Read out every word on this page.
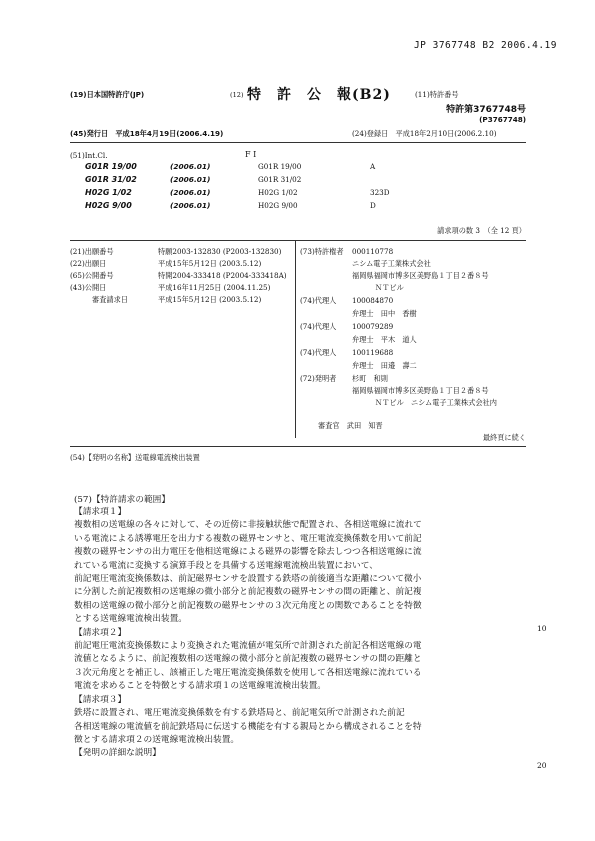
JP 3767748 B2 2006.4.19
(19)日本国特許庁(JP)	(12) 特　許　公　報(B2)	(11)特許番号
特許第3767748号
(P3767748)
(45)発行日　平成18年4月19日(2006.4.19)	(24)登録日　平成18年2月10日(2006.2.10)
(51)Int.Cl.	F I
G01R 19/00	(2006.01)	G01R 19/00	A
G01R 31/02	(2006.01)	G01R 31/02
H02G 1/02	(2006.01)	H02G 1/02	323D
H02G 9/00	(2006.01)	H02G 9/00	D
請求項の数 3　（全 12 頁）
(21)出願番号	特願2003-132830 (P2003-132830)
(22)出願日	平成15年5月12日 (2003.5.12)
(65)公開番号	特開2004-333418 (P2004-333418A)
(43)公開日	平成16年11月25日 (2004.11.25)
審査請求日	平成15年5月12日 (2003.5.12)
(73)特許権者 000110778
ニシム電子工業株式会社
福岡県福岡市博多区美野島１丁目２番８号
ＮＴビル
(74)代理人 100084870
弁理士　田中　香樹
(74)代理人 100079289
弁理士　平木　道人
(74)代理人 100119688
弁理士　田邉　壽二
(72)発明者 杉町　和則
福岡県福岡市博多区美野島１丁目２番８号
ＮＴビル　ニシム電子工業株式会社内
審査官　武田　知晋
最終頁に続く
(54)【発明の名称】送電線電流検出装置
(57)【特許請求の範囲】
【請求項１】
複数相の送電線の各々に対して、その近傍に非接触状態で配置され、各相送電線に流れて
いる電流による誘導電圧を出力する複数の磁界センサと、電圧電流変換係数を用いて前記
複数の磁界センサの出力電圧を他相送電線による磁界の影響を除去しつつ各相送電線に流
れている電流に変換する演算手段とを具備する送電線電流検出装置において、
前記電圧電流変換係数は、前記磁界センサを設置する鉄塔の前後適当な距離について微小
に分割した前記複数相の送電線の微小部分と前記複数の磁界センサの間の距離と、前記複
数相の送電線の微小部分と前記複数の磁界センサの３次元角度との関数であることを特徴
とする送電線電流検出装置。
【請求項２】
前記電圧電流変換係数により変換された電流値が電気所で計測された前記各相送電線の電
流値となるように、前記複数相の送電線の微小部分と前記複数の磁界センサの間の距離と
３次元角度とを補正し、該補正した電圧電流変換係数を使用して各相送電線に流れている
電流を求めることを特徴とする請求項１の送電線電流検出装置。
【請求項３】
鉄塔に設置され、電圧電流変換係数を有する鉄塔局と、前記電気所で計測された前記
各相送電線の電流値を前記鉄塔局に伝送する機能を有する親局とから構成されることを特
徴とする請求項２の送電線電流検出装置。
【発明の詳細な説明】
10
20
